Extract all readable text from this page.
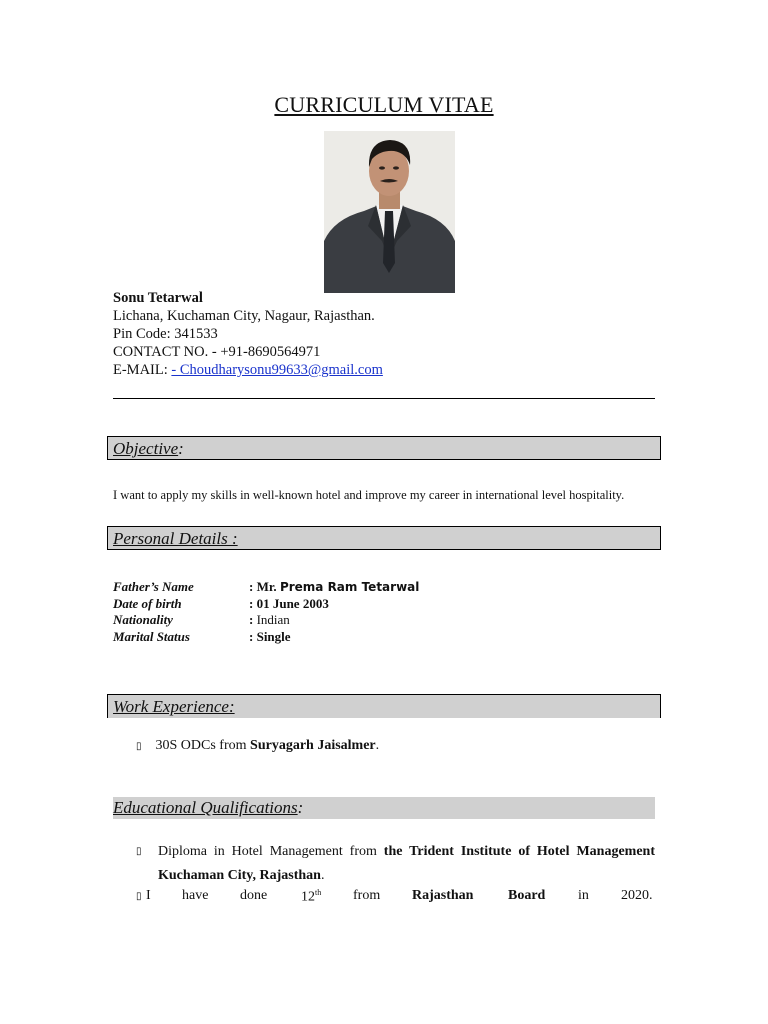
CURRICULUM VITAE
Sonu Tetarwal
Lichana, Kuchaman City, Nagaur, Rajasthan.
Pin Code: 341533
CONTACT NO. - +91-8690564971
E-MAIL: - Choudharysonu99633@gmail.com
Objective:
I want to apply my skills in well-known hotel and improve my career in international level hospitality.
Personal Details :
Father’s Name	: Mr. Prema Ram Tetarwal
Date of birth	: 01 June 2003
Nationality	: Indian
Marital Status	: Single
Work Experience:
▯ 30S ODCs from Suryagarh Jaisalmer.
Educational Qualifications:
▯ Diploma in Hotel Management from the Trident Institute of Hotel Management Kuchaman City, Rajasthan.
▯ I have done 12th from Rajasthan Board in 2020.
